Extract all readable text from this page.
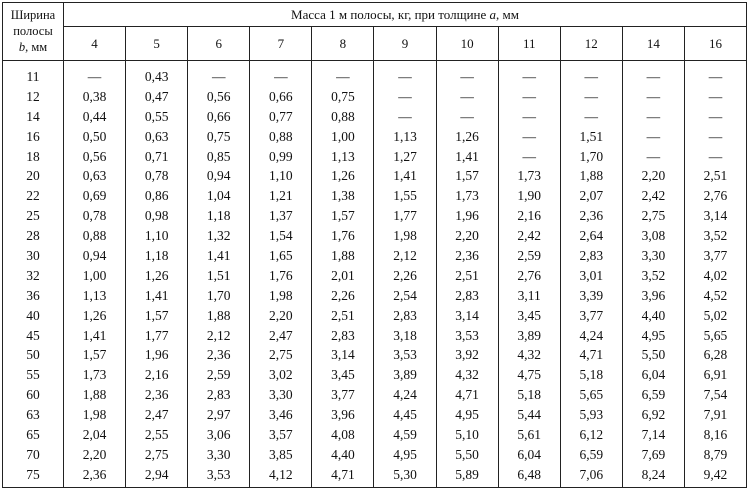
Ширина
полосы
b, мм	Масса 1 м полосы, кг, при толщине a, мм										
	4	5	6	7	8	9	10	11	12	14	16
11	—	0,43	—	—	—	—	—	—	—	—	—
12	0,38	0,47	0,56	0,66	0,75	—	—	—	—	—	—
14	0,44	0,55	0,66	0,77	0,88	—	—	—	—	—	—
16	0,50	0,63	0,75	0,88	1,00	1,13	1,26	—	1,51	—	—
18	0,56	0,71	0,85	0,99	1,13	1,27	1,41	—	1,70	—	—
20	0,63	0,78	0,94	1,10	1,26	1,41	1,57	1,73	1,88	2,20	2,51
22	0,69	0,86	1,04	1,21	1,38	1,55	1,73	1,90	2,07	2,42	2,76
25	0,78	0,98	1,18	1,37	1,57	1,77	1,96	2,16	2,36	2,75	3,14
28	0,88	1,10	1,32	1,54	1,76	1,98	2,20	2,42	2,64	3,08	3,52
30	0,94	1,18	1,41	1,65	1,88	2,12	2,36	2,59	2,83	3,30	3,77
32	1,00	1,26	1,51	1,76	2,01	2,26	2,51	2,76	3,01	3,52	4,02
36	1,13	1,41	1,70	1,98	2,26	2,54	2,83	3,11	3,39	3,96	4,52
40	1,26	1,57	1,88	2,20	2,51	2,83	3,14	3,45	3,77	4,40	5,02
45	1,41	1,77	2,12	2,47	2,83	3,18	3,53	3,89	4,24	4,95	5,65
50	1,57	1,96	2,36	2,75	3,14	3,53	3,92	4,32	4,71	5,50	6,28
55	1,73	2,16	2,59	3,02	3,45	3,89	4,32	4,75	5,18	6,04	6,91
60	1,88	2,36	2,83	3,30	3,77	4,24	4,71	5,18	5,65	6,59	7,54
63	1,98	2,47	2,97	3,46	3,96	4,45	4,95	5,44	5,93	6,92	7,91
65	2,04	2,55	3,06	3,57	4,08	4,59	5,10	5,61	6,12	7,14	8,16
70	2,20	2,75	3,30	3,85	4,40	4,95	5,50	6,04	6,59	7,69	8,79
75	2,36	2,94	3,53	4,12	4,71	5,30	5,89	6,48	7,06	8,24	9,42
